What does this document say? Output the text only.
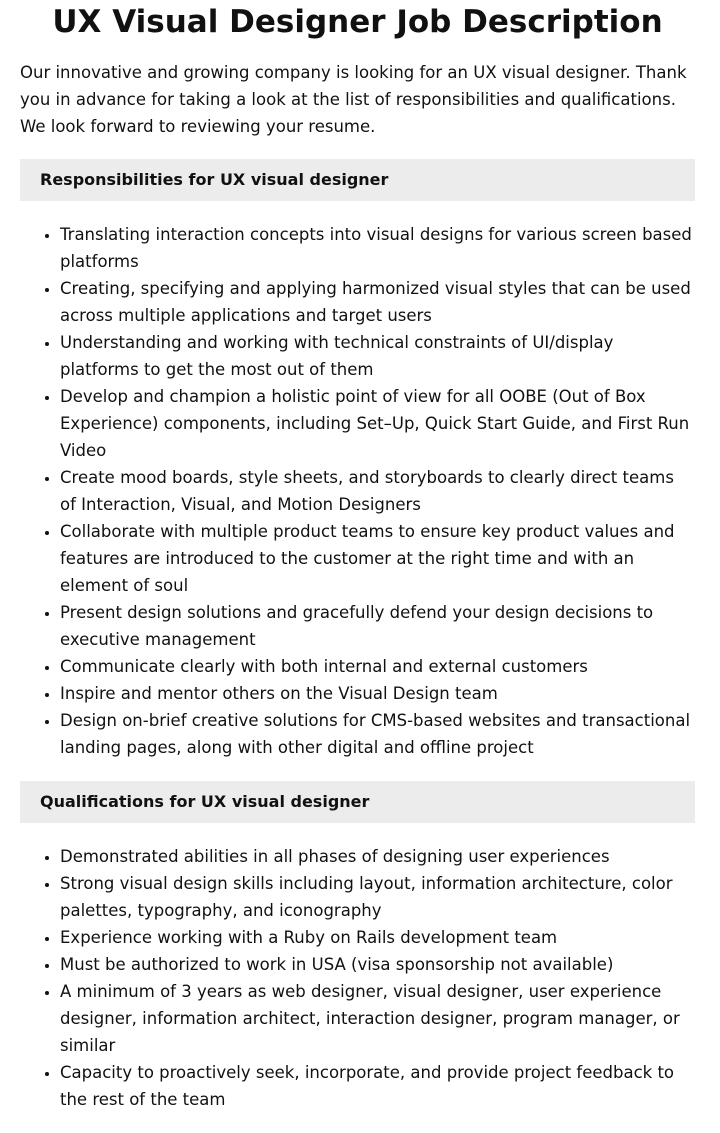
UX Visual Designer Job Description

Our innovative and growing company is looking for an UX visual designer. Thank you in advance for taking a look at the list of responsibilities and qualifications. We look forward to reviewing your resume.

Responsibilities for UX visual designer
• Translating interaction concepts into visual designs for various screen based platforms
• Creating, specifying and applying harmonized visual styles that can be used across multiple applications and target users
• Understanding and working with technical constraints of UI/display platforms to get the most out of them
• Develop and champion a holistic point of view for all OOBE (Out of Box Experience) components, including Set–Up, Quick Start Guide, and First Run Video
• Create mood boards, style sheets, and storyboards to clearly direct teams of Interaction, Visual, and Motion Designers
• Collaborate with multiple product teams to ensure key product values and features are introduced to the customer at the right time and with an element of soul
• Present design solutions and gracefully defend your design decisions to executive management
• Communicate clearly with both internal and external customers
• Inspire and mentor others on the Visual Design team
• Design on-brief creative solutions for CMS-based websites and transactional landing pages, along with other digital and offline project
Qualifications for UX visual designer
• Demonstrated abilities in all phases of designing user experiences
• Strong visual design skills including layout, information architecture, color palettes, typography, and iconography
• Experience working with a Ruby on Rails development team
• Must be authorized to work in USA (visa sponsorship not available)
• A minimum of 3 years as web designer, visual designer, user experience designer, information architect, interaction designer, program manager, or similar
• Capacity to proactively seek, incorporate, and provide project feedback to the rest of the team
